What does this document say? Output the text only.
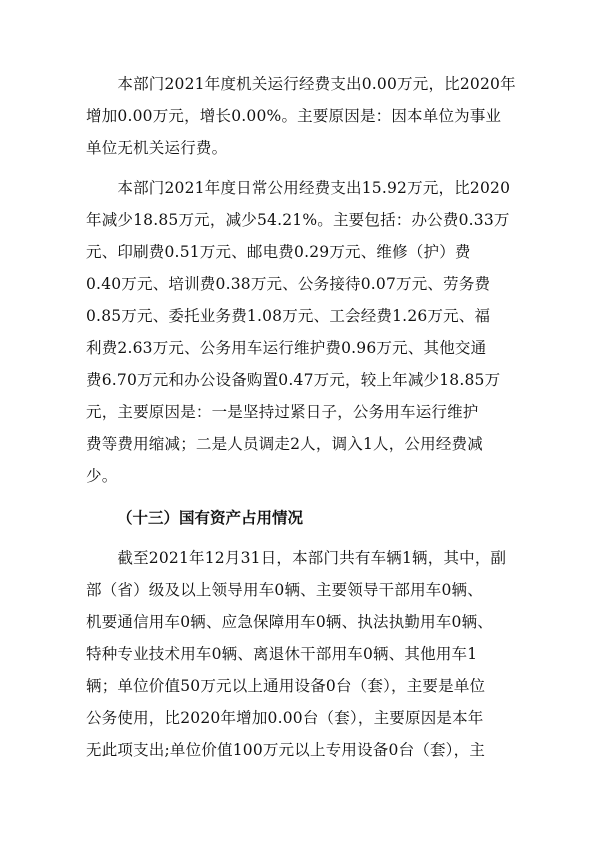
　　本部门2021年度机关运行经费支出0.00万元，比2020年
增加0.00万元，增长0.00%。主要原因是：因本单位为事业
单位无机关运行费。

　　本部门2021年度日常公用经费支出15.92万元，比2020
年减少18.85万元，减少54.21%。主要包括：办公费0.33万
元、印刷费0.51万元、邮电费0.29万元、维修（护）费
0.40万元、培训费0.38万元、公务接待0.07万元、劳务费
0.85万元、委托业务费1.08万元、工会经费1.26万元、福
利费2.63万元、公务用车运行维护费0.96万元、其他交通
费6.70万元和办公设备购置0.47万元，较上年减少18.85万
元，主要原因是：一是坚持过紧日子，公务用车运行维护
费等费用缩减；二是人员调走2人，调入1人，公用经费减
少。

（十三）国有资产占用情况

　　截至2021年12月31日，本部门共有车辆1辆，其中，副
部（省）级及以上领导用车0辆、主要领导干部用车0辆、
机要通信用车0辆、应急保障用车0辆、执法执勤用车0辆、
特种专业技术用车0辆、离退休干部用车0辆、其他用车1
辆；单位价值50万元以上通用设备0台（套），主要是单位
公务使用，比2020年增加0.00台（套），主要原因是本年
无此项支出;单位价值100万元以上专用设备0台（套），主
